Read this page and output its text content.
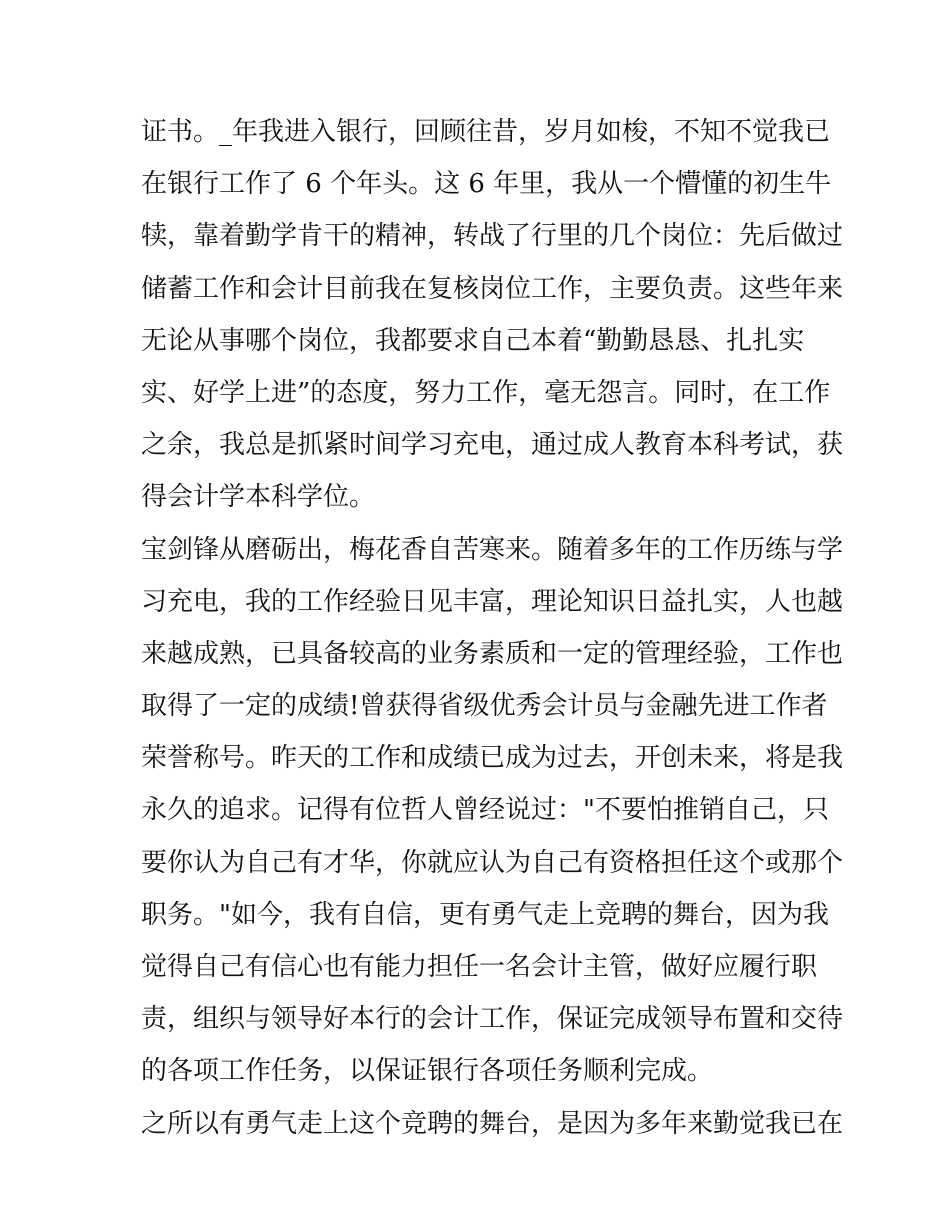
证书。_年我进入银行，回顾往昔，岁月如梭，不知不觉我已
在银行工作了 6 个年头。这 6 年里，我从一个懵懂的初生牛
犊，靠着勤学肯干的精神，转战了行里的几个岗位：先后做过
储蓄工作和会计目前我在复核岗位工作，主要负责。这些年来
无论从事哪个岗位，我都要求自己本着“勤勤恳恳、扎扎实
实、好学上进”的态度，努力工作，毫无怨言。同时，在工作
之余，我总是抓紧时间学习充电，通过成人教育本科考试，获
得会计学本科学位。
宝剑锋从磨砺出，梅花香自苦寒来。随着多年的工作历练与学
习充电，我的工作经验日见丰富，理论知识日益扎实，人也越
来越成熟，已具备较高的业务素质和一定的管理经验，工作也
取得了一定的成绩!曾获得省级优秀会计员与金融先进工作者
荣誉称号。昨天的工作和成绩已成为过去，开创未来，将是我
永久的追求。记得有位哲人曾经说过："不要怕推销自己，只
要你认为自己有才华，你就应认为自己有资格担任这个或那个
职务。"如今，我有自信，更有勇气走上竞聘的舞台，因为我
觉得自己有信心也有能力担任一名会计主管，做好应履行职
责，组织与领导好本行的会计工作，保证完成领导布置和交待
的各项工作任务，以保证银行各项任务顺利完成。
之所以有勇气走上这个竞聘的舞台，是因为多年来勤觉我已在
